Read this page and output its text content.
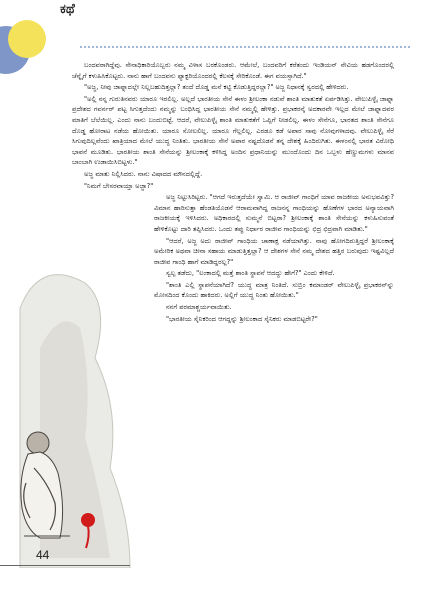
ಕಥೆ

ಬಂದವರಾಗಿದ್ದೆವು. ಸೇನಾಧಿಕಾರಿಯೊಬ್ಬರು ನಮ್ಮ ವಿಳಾಸ ಬರಕೊಂಡರು. ಆಮೇಲೆ, ಬಂದವರಿಗೆ ಕರೆತಂದು ಇಂಡಿಯನ್ ನೇವಿಯ ಹಡಗೊಂದರಲ್ಲಿ ಚೆನ್ನೈಗೆ ಕಳುಹಿಸಿಕೊಟ್ಟರು. ನಾನು ಹಾಗೆ ಬಂದವನು ಫ್ಯಾಕ್ಟರಿಯೊಂದರಲ್ಲಿ ಕೆಲಸಕ್ಕೆ ಸೇರಿಕೊಂಡೆ. ಈಗ ವಯಸ್ಸಾಗಿದೆ."

"ಅಜ್ಜ, ನೀವು ಜಾಫ್ನಾದಲ್ಲೇ ನಿಲ್ಲಬಹುದಿತ್ತಲ್ಲಾ? ತಂದೆ ದೊಡ್ಡ ಮನೆ ಕಟ್ಟಿ ಕೊಡುತ್ತಿದ್ದರಲ್ಲಾ?" ಅಜ್ಜ ನಿಧಾನಕ್ಕೆ ಸ್ವರದಲ್ಲಿ ಹೇಳಿದರು.

"ಅಲ್ಲಿ ನನ್ನ ಗುರುತಿನವರು ಯಾರೂ ಇರಲಿಲ್ಲ. ಅಲ್ಲದೆ ಭಾರತೀಯ ಸೇನೆ ಈಳಂ ಶ್ರೀಲಂಕಾ ನಡುವೆ ಶಾಂತಿ ಮಾತುಕತೆ ಏರ್ಪಡಿಸಿತ್ತು. ವೇಲುಪಿಳ್ಳೈ ಜಾಫ್ನಾ ಪ್ರದೇಶದ ಗವರ್ನರ್ ಪಟ್ಟ ಸಿಗುತ್ತದೆಂದು ನಮ್ಮನ್ನು ಬಂಧಿಸಿದ್ದ ಭಾರತೀಯ ಸೇನೆ ನಮ್ಮಲ್ಲಿ ಹೇಳಿತ್ತು. ಪ್ರಭಾಕರನ್ಕೆ ಅದಕಾರವೇ ಇಲ್ಲದ ಮೇಲೆ ಜಾಫ್ನಾದವರ ಮಾತಿಗೆ ಬೆಲೆಯಿಲ್ಲ. ಎಂದು ನಾನು ಬಂದುಬಿಟ್ಟೆ. ಆದರೆ, ವೇಲುಪಿಳ್ಳೈ ಶಾಂತಿ ಮಾತುಕತೆಗೆ ಒಪ್ಪಿಗೆ ನೀಡಲಿಲ್ಲ. ಈಳಂ ಸೇನೆಗೂ, ಭಾರತದ ಶಾಂತಿ ಸೇನೆಗೂ ದೊಡ್ಡ ಹೋರಾಟ ನಡೆಯ ಹೋಯಿತು. ಯಾರೂ ಸೋಲಲಿಲ್ಲ. ಯಾರೂ ಗೆಲ್ಲಲಿಲ್ಲ. ಎರಡೂ ಕಡೆ ಅಪಾರ ಸಾವು ನೋವುಗಳಾದವು. ವೇಲುಪಿಳ್ಳೈ ಸೆರೆ ಸಿಗುವುದಿಲ್ಲವೆಂದು ಖಾತ್ರಿಯಾದ ಮೇಲೆ ಯುದ್ಧ ನಿಂತಿತು. ಭಾರತೀಯ ಸೇನೆ ಅಪಾರ ನಷ್ಟದೊಡನೆ ತನ್ನ ದೇಶಕ್ಕೆ ಹಿಂದಿರುಗಿತು. ಈಳಂನಲ್ಲಿ ಭಾರತ ವಿರೋಧಿ ಭಾವನೆ ಮೂಡಿತು. ಭಾರತೀಯ ಶಾಂತಿ ಸೇನೆಯನ್ನು ಶ್ರೀಲಂಕಾಕ್ಕೆ ಕಳಿಸಿದ್ದ ಅಂದಿನ ಪ್ರಧಾನಿಯನ್ನು ಮುಂದೊಂದು ದಿನ ಒಬ್ಬಳು ಹೆಣ್ಣುಮಗಳು ಮಾನವ ಬಾಂಬಾಗಿ ಉಡಾಯಿಸಿಬಿಟ್ಟಳು."

ಅಜ್ಜ ಮಾತು ನಿಲ್ಲಿಸಿದರು. ನಾನು ವಿಷಾದದ ಮೌನದಲ್ಲಿದ್ದೆ.

"ನಿಮಗೆ ಬೇಸರವಾಯ್ತಾ ಅಜ್ಜಾ?"

ಅಜ್ಜ ನಿಟ್ಟುಸಿರಿಟ್ಟರು. "ಆಗದೆ ಇರುತ್ತದೆಯೇ ಸ್ವಾಮಿ. ಆ ರಾಜೀವ್ ಗಾಂಧಿಗೆ ಯಾವ ರಾಜಕೀಯ ಅನುಭವವಿತ್ತು? ವಿಮಾನ ಹಾರಿಸುತ್ತಾ ಹೆಂಡತಿಯೊಡನೆ ಆರಾಮವಾಗಿದ್ದ ರಾಜನನ್ನ ಗಾಂಧಿಯನ್ನು ಹೊಣೆಗಳ ಭಾರದ ಅನ್ಯಾಯವಾಗಿ ರಾಜಕೀಯಕ್ಕೆ ಇಳಿಸಿದರು. ಅಧಿಕಾರದಲ್ಲಿ ಸುಮ್ಮನೆ ಬಿಟ್ಟರಾ? ಶ್ರೀಲಂಕಾಕ್ಕೆ ಶಾಂತಿ ಸೇನೆಯನ್ನು ಕಳುಹಿಸುವಂತೆ ಹೇಳಿಕೊಟ್ಟು ದಾರಿ ತಪ್ಪಿಸಿದರು. ಒಂದು ತಪ್ಪು ನಿರ್ಧಾರ ರಾಜೀವ ಗಾಂಧಿಯನ್ನು ಛಿದ್ರ ಛಿದ್ರವಾಗಿ ಮಾಡಿತು."

"ಆದರೆ, ಅಜ್ಜ ಅದು ರಾಜೀವ್ ಗಾಂಧಿಯ ಚಾಣಾಕ್ಷ ನಡೆಯಾಗಿತ್ತು. ನಾವು ಹೋಗದಿರುತ್ತಿದ್ದರೆ ಶ್ರೀಲಂಕಾಕ್ಕೆ ಅಮೇರಿಕ ಅಥವಾ ಚೀನಾ ಸಹಾಯ ಮಾಡುತ್ತಿತ್ತಲ್ಲಾ? ಆ ದೇಶಗಳ ಸೇನೆ ನಮ್ಮ ದೇಶದ ಹತ್ತಿರ ಬರುವುದು ಇಷ್ಟವಿಲ್ಲದೆ ರಾಜೀವ ಗಾಂಧಿ ಹಾಗೆ ಮಾಡಿದ್ದರಲ್ಲ?"

ಸ್ವಲ್ಪ ತಡೆದು, "ಲಂಕಾದಲ್ಲಿ ಮತ್ತೆ ಶಾಂತಿ ಸ್ಥಾಪನೆ ಆದದ್ದು ಹೇಗೆ?" ಎಂದು ಕೇಳಿದೆ.

"ಶಾಂತಿ ಎಲ್ಲಿ ಸ್ಥಾಪನೆಯಾಗಿದೆ? ಯುದ್ಧ ಮಾತ್ರ ನಿಂತಿದೆ. ಸುಬ್ರಿಂ ಕಮಾಂಡರ್ ವೇಲುಪಿಳ್ಳೈ ಪ್ರಭಾಕರನ್‌ನ್ನು ಮೋಸದಿಂದ ಕೊಂದು ಹಾಕಿದರು. ಅಲ್ಲಿಗೆ ಯುದ್ಧ ನಿಂತು ಹೋಯಿತು."

ನನಗೆ ಪರಮಾಶ್ಚರ್ಯವಾಯಿತು.

"ಭಾರತೀಯ ಸೈನಿಕರಿಂದ ಆಗದ್ದನ್ನು ಶ್ರೀಲಂಕಾದ ಸೈನಿಕರು ಮಾಡಬಿಟ್ಟರೇ?"

44
